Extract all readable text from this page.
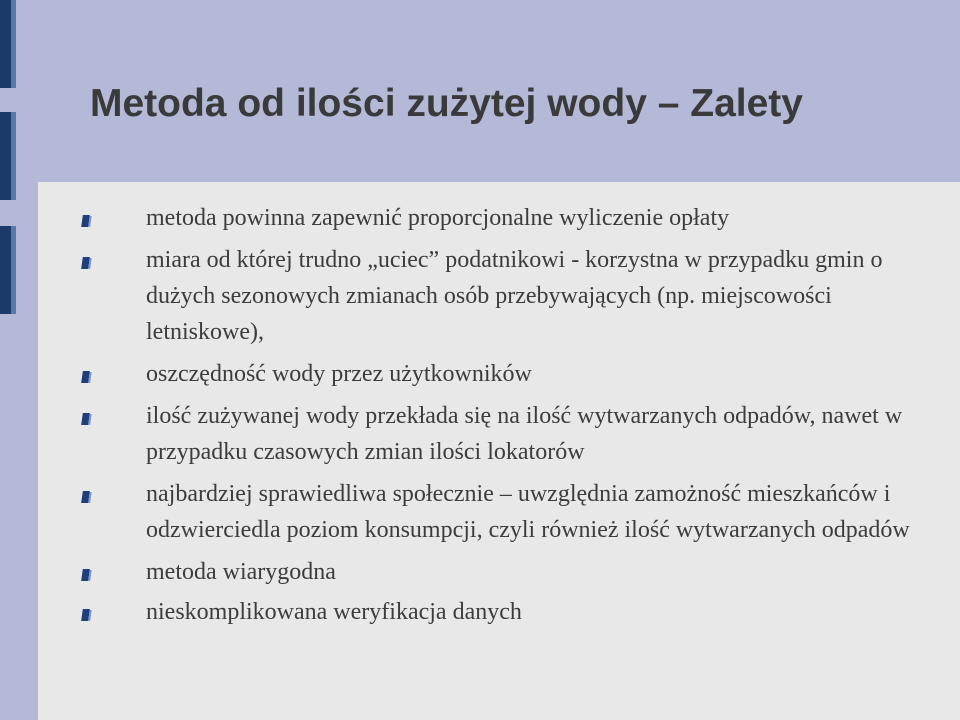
Metoda od ilości zużytej wody – Zalety
metoda powinna zapewnić proporcjonalne wyliczenie opłaty
miara od której trudno „uciec” podatnikowi - korzystna w przypadku gmin o dużych sezonowych zmianach osób przebywających (np. miejscowości letniskowe),
oszczędność wody przez użytkowników
ilość zużywanej wody przekłada się na ilość wytwarzanych odpadów, nawet w przypadku czasowych zmian ilości lokatorów
najbardziej sprawiedliwa społecznie – uwzględnia zamożność mieszkańców i odzwierciedla poziom konsumpcji, czyli również ilość wytwarzanych odpadów
metoda wiarygodna
nieskomplikowana weryfikacja danych
